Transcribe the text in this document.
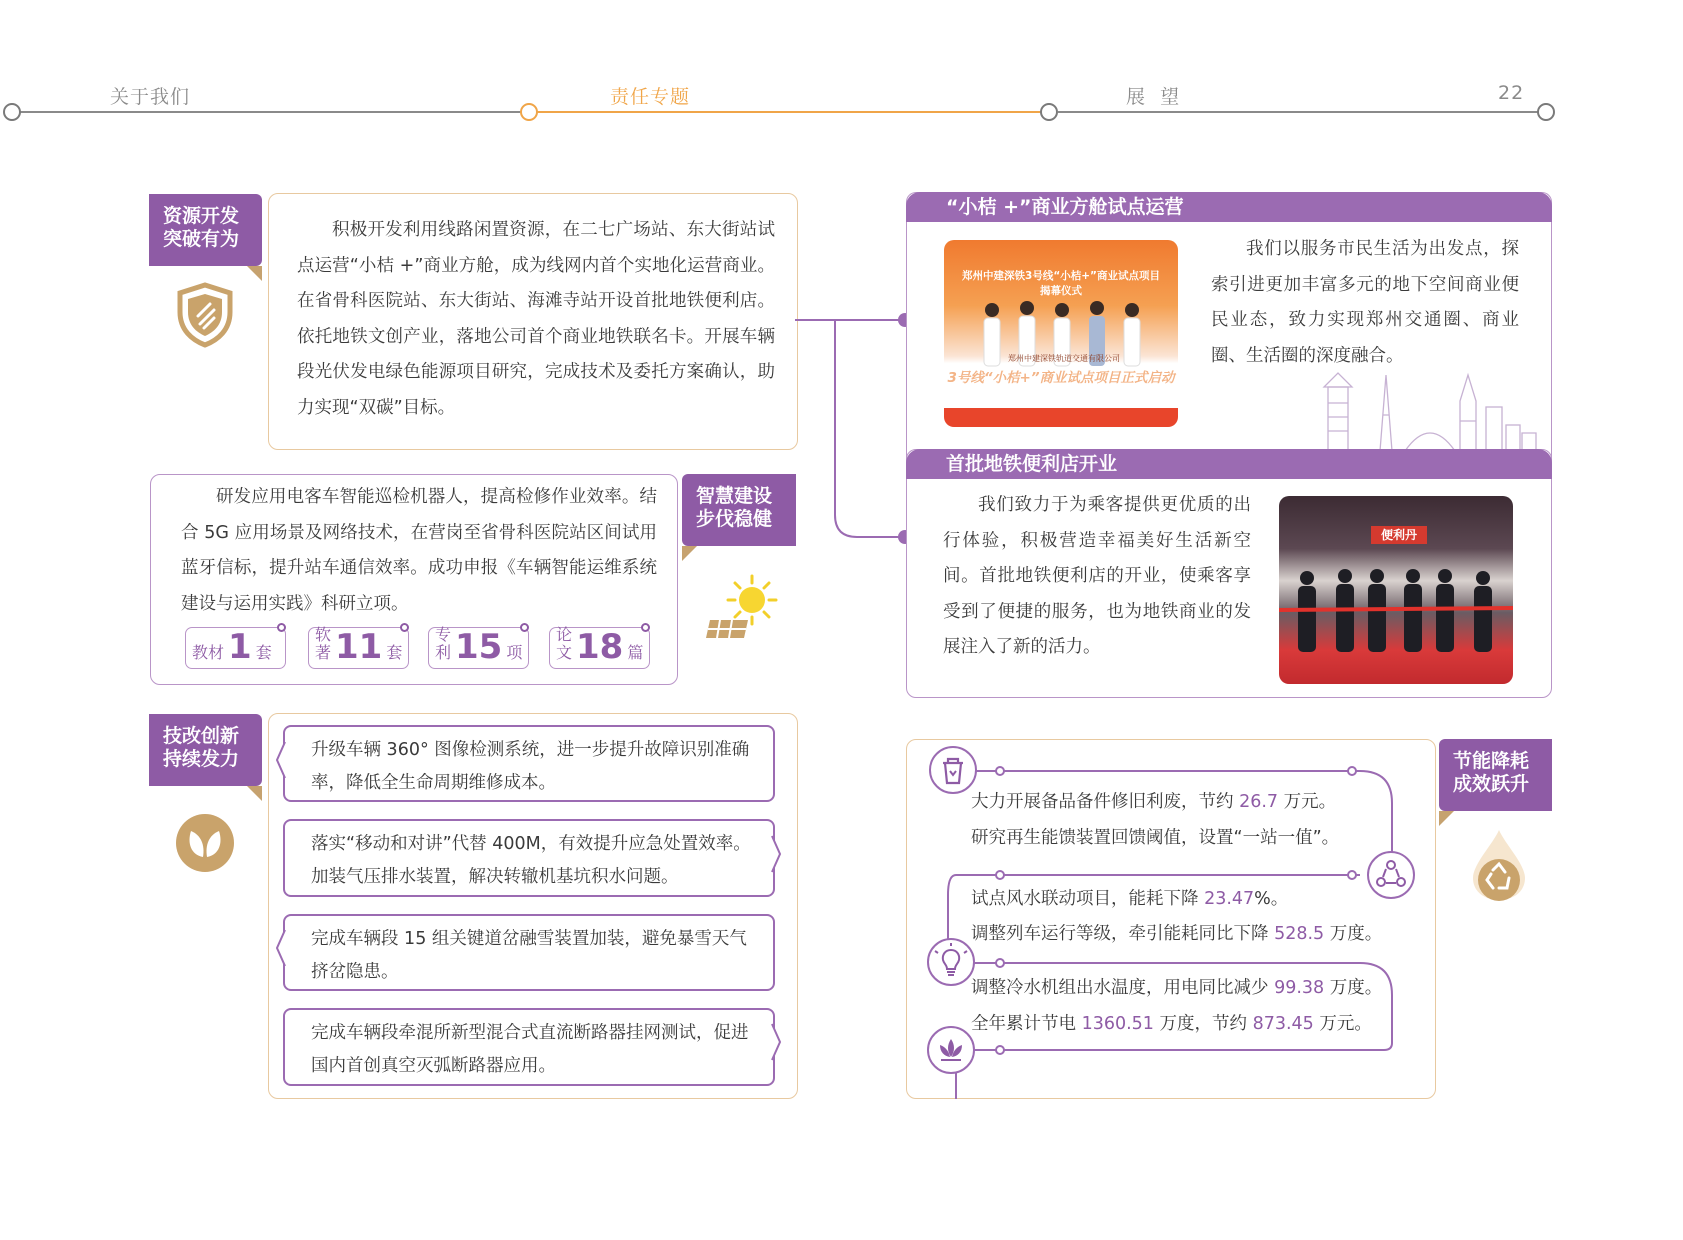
关于我们	责任专题	展  望	22
积极开发利用线路闲置资源，在二七广场站、东大街站试点运营“小桔 +”商业方舱，成为线网内首个实地化运营商业。在省骨科医院站、东大街站、海滩寺站开设首批地铁便利店。依托地铁文创产业，落地公司首个商业地铁联名卡。开展车辆段光伏发电绿色能源项目研究，完成技术及委托方案确认，助力实现“双碳”目标。
资源开发
突破有为
研发应用电客车智能巡检机器人，提高检修作业效率。结合 5G 应用场景及网络技术，在营岗至省骨科医院站区间试用蓝牙信标，提升站车通信效率。成功申报《车辆智能运维系统建设与运用实践》科研立项。
智慧建设
步伐稳健
教材 1 套
软著 11 套
专利 15 项
论文 18 篇
技改创新
持续发力	升级车辆 360° 图像检测系统，进一步提升故障识别准确率，降低全生命周期维修成本。
落实“移动和对讲”代替 400M，有效提升应急处置效率。加装气压排水装置，解决转辙机基坑积水问题。
完成车辆段 15 组关键道岔融雪装置加装，避免暴雪天气挤岔隐患。
完成车辆段牵混所新型混合式直流断路器挂网测试，促进国内首创真空灭弧断路器应用。
“小桔 +”商业方舱试点运营
我们以服务市民生活为出发点，探索引进更加丰富多元的地下空间商业便民业态，致力实现郑州交通圈、商业圈、生活圈的深度融合。
郑州中建深铁3号线“小桔+”商业试点项目
揭幕仪式
郑州中建深铁轨道交通有限公司
3号线“小桔+”商业试点项目正式启动
首批地铁便利店开业
我们致力于为乘客提供更优质的出行体验，积极营造幸福美好生活新空间。首批地铁便利店的开业，使乘客享受到了便捷的服务，也为地铁商业的发展注入了新的活力。
便利丹
节能降耗
成效跃升
大力开展备品备件修旧利废，节约 26.7 万元。
研究再生能馈装置回馈阈值，设置“一站一值”。
试点风水联动项目，能耗下降 23.47%。
调整列车运行等级，牵引能耗同比下降 528.5 万度。
调整冷水机组出水温度，用电同比减少 99.38 万度。
全年累计节电 1360.51 万度，节约 873.45 万元。
